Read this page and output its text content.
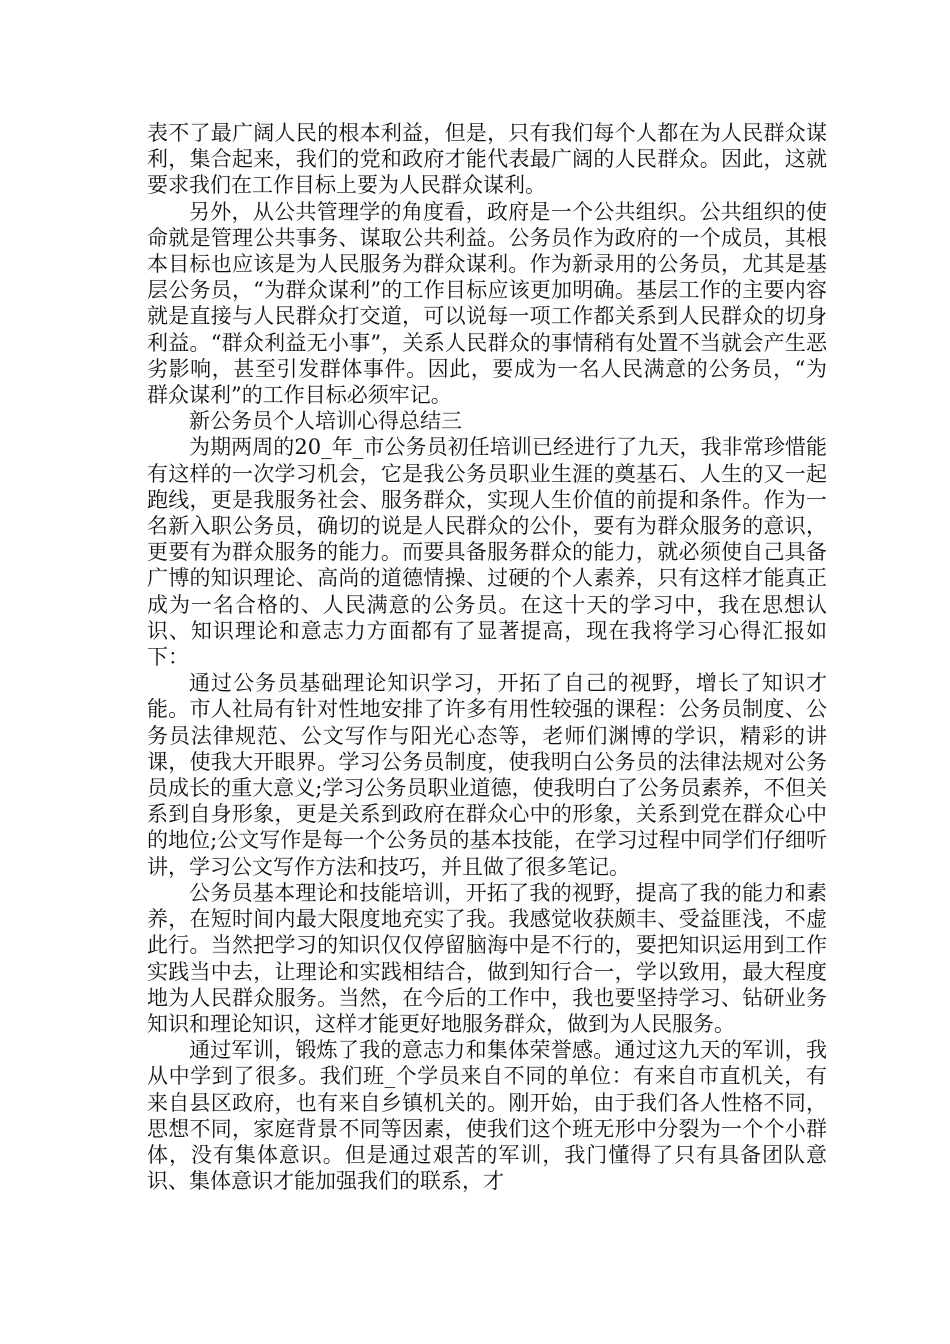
表不了最广阔人民的根本利益，但是，只有我们每个人都在为人民群众谋利，集合起来，我们的党和政府才能代表最广阔的人民群众。因此，这就要求我们在工作目标上要为人民群众谋利。

另外，从公共管理学的角度看，政府是一个公共组织。公共组织的使命就是管理公共事务、谋取公共利益。公务员作为政府的一个成员，其根本目标也应该是为人民服务为群众谋利。作为新录用的公务员，尤其是基层公务员，“为群众谋利”的工作目标应该更加明确。基层工作的主要内容就是直接与人民群众打交道，可以说每一项工作都关系到人民群众的切身利益。“群众利益无小事”，关系人民群众的事情稍有处置不当就会产生恶劣影响，甚至引发群体事件。因此，要成为一名人民满意的公务员，“为群众谋利”的工作目标必须牢记。

新公务员个人培训心得总结三

为期两周的20_年_市公务员初任培训已经进行了九天，我非常珍惜能有这样的一次学习机会，它是我公务员职业生涯的奠基石、人生的又一起跑线，更是我服务社会、服务群众，实现人生价值的前提和条件。作为一名新入职公务员，确切的说是人民群众的公仆，要有为群众服务的意识，更要有为群众服务的能力。而要具备服务群众的能力，就必须使自己具备广博的知识理论、高尚的道德情操、过硬的个人素养，只有这样才能真正成为一名合格的、人民满意的公务员。在这十天的学习中，我在思想认识、知识理论和意志力方面都有了显著提高，现在我将学习心得汇报如下：

通过公务员基础理论知识学习，开拓了自己的视野，增长了知识才能。市人社局有针对性地安排了许多有用性较强的课程：公务员制度、公务员法律规范、公文写作与阳光心态等，老师们渊博的学识，精彩的讲课，使我大开眼界。学习公务员制度，使我明白公务员的法律法规对公务员成长的重大意义;学习公务员职业道德，使我明白了公务员素养，不但关系到自身形象，更是关系到政府在群众心中的形象，关系到党在群众心中的地位;公文写作是每一个公务员的基本技能，在学习过程中同学们仔细听讲，学习公文写作方法和技巧，并且做了很多笔记。

公务员基本理论和技能培训，开拓了我的视野，提高了我的能力和素养，在短时间内最大限度地充实了我。我感觉收获颇丰、受益匪浅，不虚此行。当然把学习的知识仅仅停留脑海中是不行的，要把知识运用到工作实践当中去，让理论和实践相结合，做到知行合一，学以致用，最大程度地为人民群众服务。当然，在今后的工作中，我也要坚持学习、钻研业务知识和理论知识，这样才能更好地服务群众，做到为人民服务。

通过军训，锻炼了我的意志力和集体荣誉感。通过这九天的军训，我从中学到了很多。我们班_个学员来自不同的单位：有来自市直机关，有来自县区政府，也有来自乡镇机关的。刚开始，由于我们各人性格不同，思想不同，家庭背景不同等因素，使我们这个班无形中分裂为一个个小群体，没有集体意识。但是通过艰苦的军训，我门懂得了只有具备团队意识、集体意识才能加强我们的联系，才
